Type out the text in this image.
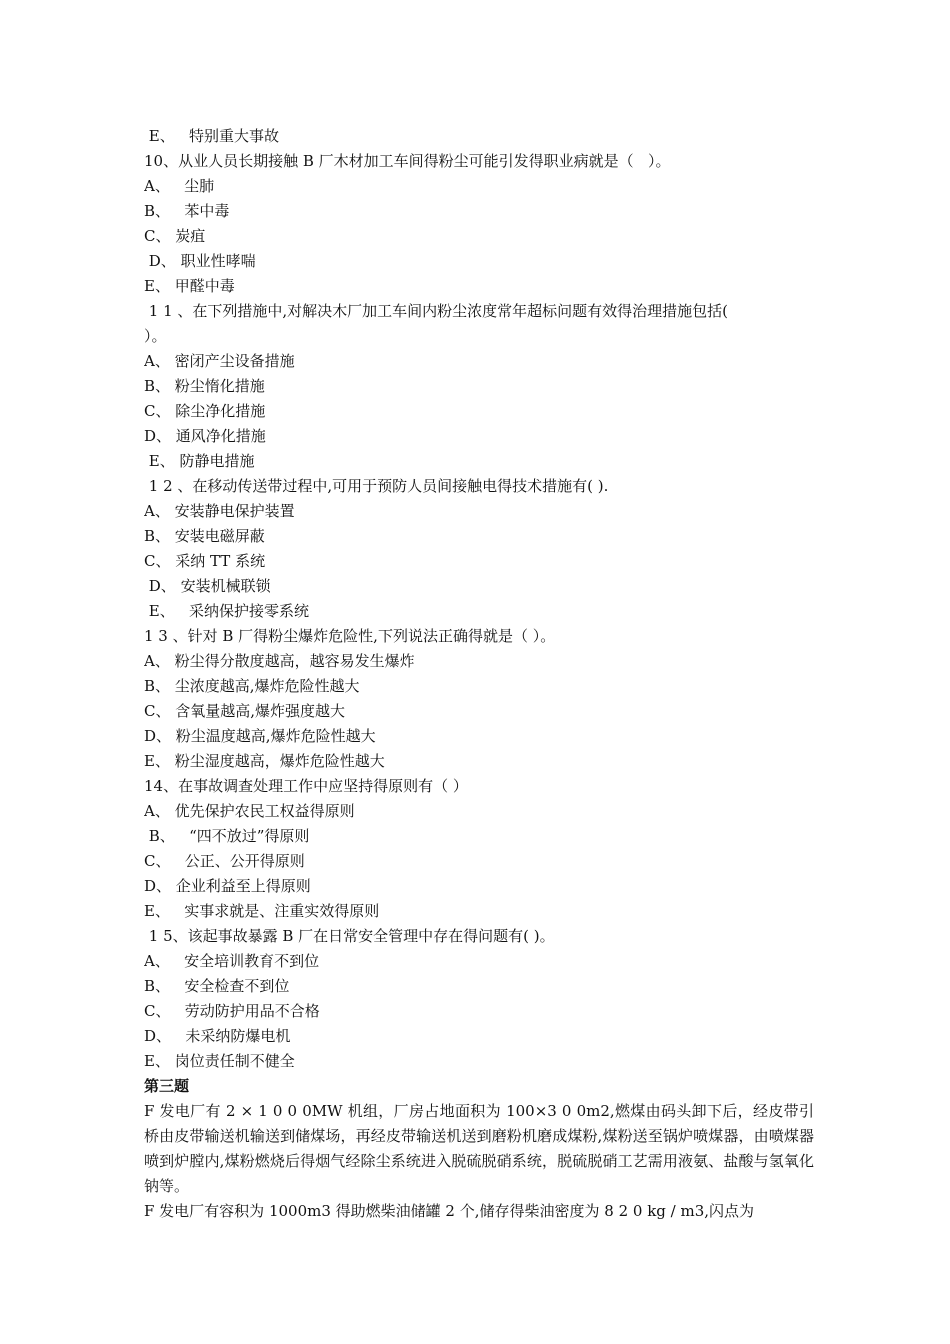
E、   特别重大事故
10、从业人员长期接触 B 厂木材加工车间得粉尘可能引发得职业病就是（   ）。
A、   尘肺
B、   苯中毒
C、 炭疽
D、 职业性哮喘
E、 甲醛中毒
1 1 、在下列措施中,对解决木厂加工车间内粉尘浓度常年超标问题有效得治理措施包括(
）。
A、 密闭产尘设备措施
B、 粉尘惰化措施
C、 除尘净化措施
D、 通风净化措施
E、 防静电措施
1 2 、在移动传送带过程中,可用于预防人员间接触电得技术措施有( ).
A、 安装静电保护装置
B、 安装电磁屏蔽
C、 采纳 TT 系统
D、 安装机械联锁
E、   采纳保护接零系统
1 3 、针对 B 厂得粉尘爆炸危险性,下列说法正确得就是（ ）。
A、 粉尘得分散度越高，越容易发生爆炸
B、 尘浓度越高,爆炸危险性越大
C、 含氧量越高,爆炸强度越大
D、 粉尘温度越高,爆炸危险性越大
E、 粉尘湿度越高，爆炸危险性越大
14、在事故调查处理工作中应坚持得原则有（ ）
A、 优先保护农民工权益得原则
B、   “四不放过”得原则
C、   公正、公开得原则
D、 企业利益至上得原则
E、   实事求就是、注重实效得原则
1 5、该起事故暴露 B 厂在日常安全管理中存在得问题有( )。
A、   安全培训教育不到位
B、   安全检查不到位
C、   劳动防护用品不合格
D、   未采纳防爆电机
E、 岗位责任制不健全
第三题
F 发电厂有 2 × 1 0 0 0MW 机组，厂房占地面积为 100×3 0 0m2,燃煤由码头卸下后，经皮带引桥由皮带输送机输送到储煤场，再经皮带输送机送到磨粉机磨成煤粉,煤粉送至锅炉喷煤器，由喷煤器喷到炉膛内,煤粉燃烧后得烟气经除尘系统进入脱硫脱硝系统，脱硫脱硝工艺需用液氨、盐酸与氢氧化钠等。
F 发电厂有容积为 1000m3 得助燃柴油储罐 2 个,储存得柴油密度为 8 2 0 kg / m3,闪点为
